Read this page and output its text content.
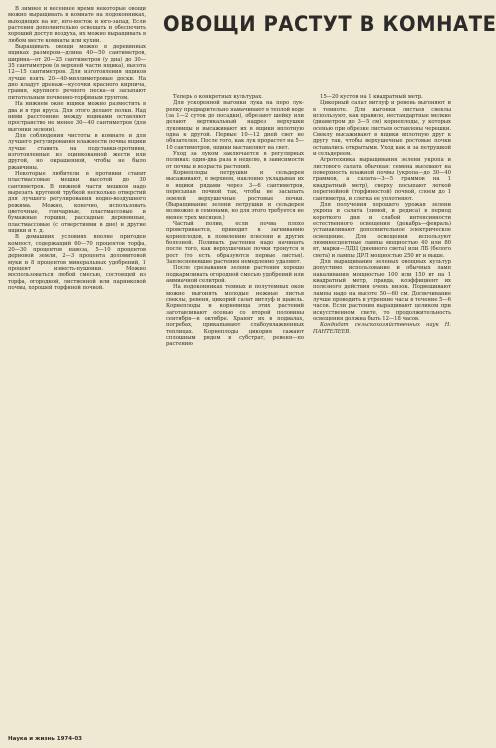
ОВОЩИ РАСТУТ В КОМНАТЕ

В зимнее и весеннее время некоторые овощи можно выращивать в комнате на подоконниках, выходящих на юг, юго-восток и юго-запад. Если растения дополнительно освещать и обеспечить хороший доступ воздуха, их можно выращивать в любом месте комнаты или кухни.

Выращивать овощи можно в деревянных ящиках размером—длина 40—50 сантиметров, ширина—от 20—25 сантиметров (у дна) до 30—35 сантиметров (в верхней части ящика), высота 12—15 сантиметров. Для изготовления ящиков лучше взять 20—40-миллиметровые доски. На дно кладут дренаж—кусочки красного кирпича, гравия, крупного речного песка—и засыпают питательным почвенно-торфяным грунтом.

На нижнем окне ящики можно разместить в два и в три яруса. Для этого делают полки. Над ними расстояние между ящиками оставляют пространство не менее 30—40 сантиметров (для выгонки зелени).

Для соблюдения чистоты в комнате и для лучшего регулирования влажности почвы ящики лучше ставить на подставки-противни, изготовленные из оцинкованной жести или другой, но окрашенной, чтобы не было ржавчины.

Некоторые любители в противни ставят пластмассовые мешки высотой до 30 сантиметров. В нижней части мешков надо вырезать круговой трубкой несколько отверстий для лучшего регулирования водно-воздушного режима. Можно, конечно, использовать цветочные, гончарные, пластмассовые и бумажные горшки, рассадные деревянные, пластмассовые (с отверстиями в дне) и другие ящики и т. д.

В домашних условиях вполне пригоден компост, содержащий 60—70 процентов торфа, 20—30 процентов навоза, 5—10 процентов дерновой земли, 2—3 процента доломитовой муки и 8 процентов минеральных удобрений, 1 процент известь-пушонки. Можно воспользоваться любой смесью, состоящей из торфа, огородной, лиственной или парниковой почвы, хорошей торфяной почвой.

Теперь о конкретных культурах.

Для ускоренной выгонки лука на перо лук-репку предварительно намачивают в теплой воде (за 1—2 суток до посадки), обрезают шейку или делают вертикальный надрез верхушки луковицы и высаживают их в ящики вплотную одна к другой. Первые 10—12 дней свет не обязателен. После того, как лук прорастет на 5—10 сантиметров, ящики выставляют на свет.

Уход за луком заключается в регулярных поливах: один-два раза в неделю, в зависимости от почвы и возраста растений.

Корнеплоды петрушки и сельдерея высаживают, в верхнем, наклонно укладывая их в ящики рядами через 3—6 сантиметров, пересыпая почвой так, чтобы не засыпать землей верхушечные ростовые почки. (Выращивание зелени петрушки и сельдерея возможно и семенами, но для этого требуется не менее трех месяцев.)

Частый полив, если почва плохо проветривается, приводит к загниванию корнеплодов, к появлению плесени и других болезней. Поливать растения надо начинать после того, как верхушечные почки тронутся в рост (то есть образуются первые листья). Заплесневевшие растения немедленно удаляют.

После срезывания зелени растения хорошо подкармливать огородной смесью удобрений или аммиачной селитрой.

На подоконниках темных и полутемных окон можно выгонять молодые нежные листья свеклы, ревеня, цикорий салат витлуф и щавель. Корнеплоды и корневища этих растений заготавливают осенью со второй половины сентября—в октябре. Хранят их в подвалах, погребах, прикапывают слабоувлажненных теплицах. Корнеплоды цикория сажают сплошным рядом в субстрат, ревеня—по растению

15—20 кустов на 1 квадратный метр.

Цикорный салат витлуф и ревень выгоняют и в темноте. Для выгонки листьев свеклы используют, как правило, нестандартные мелкие (диаметром до 3—5 см) корнеплоды, у которых осенью при обрезке листьев оставлены черешки. Свеклу высаживают в ящики вплотную друг к другу так, чтобы верхушечные ростовые почки оставались открытыми. Уход как и за петрушкой и сельдереем.

Агротехника выращивания зелени укропа и листового салата обычная: семена высевают на поверхность влажной почвы (укропа—до 30—40 граммов, а салата—3—5 граммов на 1 квадратный метр), сверху посыпают легкой перегнойной (торфяностой) почвой, слоем до 1 сантиметра, и слегка ее уплотняют.

Для получения хорошего урожая зелени укропа и салата (зимой, и редиса) в период короткого дня и слабой интенсивности естественного освещения (декабрь—февраль) устанавливают дополнительное электрическое освещение. Для освещения используют люминесцентные лампы мощностью 40 или 80 вт, марки—ЛДЦ (дневного света) или ЛБ (белого света) и лампы ДРЛ мощностью 250 вт и выше.

Для выращивания зеленых овощных культур допустимо использование и обычных ламп накаливания мощностью 100 или 150 вт на 1 квадратный метр, правда, коэффициент их полезного действия очень низок. Подвешивают лампы надо на высоте 50—60 см. Досвечивание лучше проводить в утренние часы в течение 5—6 часов. Если растения выращивают целиком при искусственном свете, то продолжительность освещения должна быть 12—18 часов.

Кандидат сельскохозяйственных наук Н. ПАНТЕЛЕЕВ.

Наука и жизнь 1974-03
